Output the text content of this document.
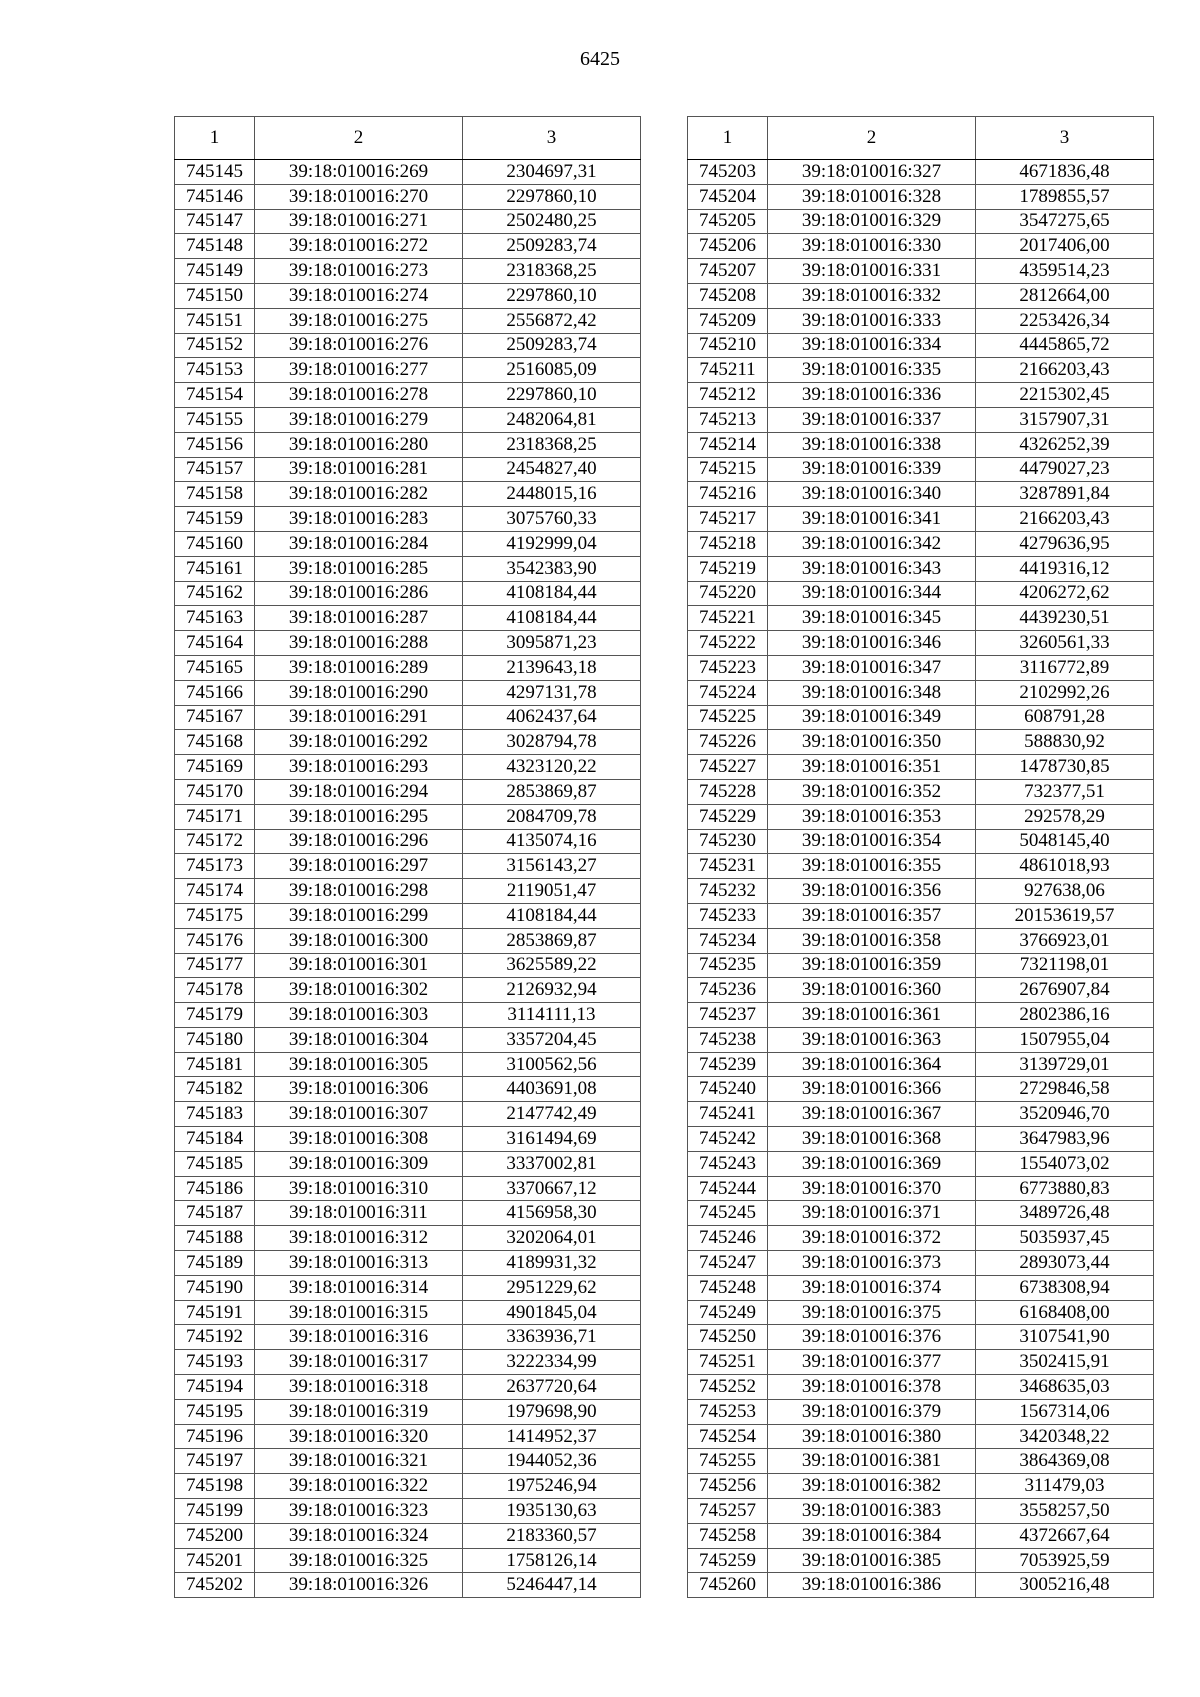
6425
1	2	3
745145	39:18:010016:269	2304697,31
745146	39:18:010016:270	2297860,10
745147	39:18:010016:271	2502480,25
745148	39:18:010016:272	2509283,74
745149	39:18:010016:273	2318368,25
745150	39:18:010016:274	2297860,10
745151	39:18:010016:275	2556872,42
745152	39:18:010016:276	2509283,74
745153	39:18:010016:277	2516085,09
745154	39:18:010016:278	2297860,10
745155	39:18:010016:279	2482064,81
745156	39:18:010016:280	2318368,25
745157	39:18:010016:281	2454827,40
745158	39:18:010016:282	2448015,16
745159	39:18:010016:283	3075760,33
745160	39:18:010016:284	4192999,04
745161	39:18:010016:285	3542383,90
745162	39:18:010016:286	4108184,44
745163	39:18:010016:287	4108184,44
745164	39:18:010016:288	3095871,23
745165	39:18:010016:289	2139643,18
745166	39:18:010016:290	4297131,78
745167	39:18:010016:291	4062437,64
745168	39:18:010016:292	3028794,78
745169	39:18:010016:293	4323120,22
745170	39:18:010016:294	2853869,87
745171	39:18:010016:295	2084709,78
745172	39:18:010016:296	4135074,16
745173	39:18:010016:297	3156143,27
745174	39:18:010016:298	2119051,47
745175	39:18:010016:299	4108184,44
745176	39:18:010016:300	2853869,87
745177	39:18:010016:301	3625589,22
745178	39:18:010016:302	2126932,94
745179	39:18:010016:303	3114111,13
745180	39:18:010016:304	3357204,45
745181	39:18:010016:305	3100562,56
745182	39:18:010016:306	4403691,08
745183	39:18:010016:307	2147742,49
745184	39:18:010016:308	3161494,69
745185	39:18:010016:309	3337002,81
745186	39:18:010016:310	3370667,12
745187	39:18:010016:311	4156958,30
745188	39:18:010016:312	3202064,01
745189	39:18:010016:313	4189931,32
745190	39:18:010016:314	2951229,62
745191	39:18:010016:315	4901845,04
745192	39:18:010016:316	3363936,71
745193	39:18:010016:317	3222334,99
745194	39:18:010016:318	2637720,64
745195	39:18:010016:319	1979698,90
745196	39:18:010016:320	1414952,37
745197	39:18:010016:321	1944052,36
745198	39:18:010016:322	1975246,94
745199	39:18:010016:323	1935130,63
745200	39:18:010016:324	2183360,57
745201	39:18:010016:325	1758126,14
745202	39:18:010016:326	5246447,14
1	2	3
745203	39:18:010016:327	4671836,48
745204	39:18:010016:328	1789855,57
745205	39:18:010016:329	3547275,65
745206	39:18:010016:330	2017406,00
745207	39:18:010016:331	4359514,23
745208	39:18:010016:332	2812664,00
745209	39:18:010016:333	2253426,34
745210	39:18:010016:334	4445865,72
745211	39:18:010016:335	2166203,43
745212	39:18:010016:336	2215302,45
745213	39:18:010016:337	3157907,31
745214	39:18:010016:338	4326252,39
745215	39:18:010016:339	4479027,23
745216	39:18:010016:340	3287891,84
745217	39:18:010016:341	2166203,43
745218	39:18:010016:342	4279636,95
745219	39:18:010016:343	4419316,12
745220	39:18:010016:344	4206272,62
745221	39:18:010016:345	4439230,51
745222	39:18:010016:346	3260561,33
745223	39:18:010016:347	3116772,89
745224	39:18:010016:348	2102992,26
745225	39:18:010016:349	608791,28
745226	39:18:010016:350	588830,92
745227	39:18:010016:351	1478730,85
745228	39:18:010016:352	732377,51
745229	39:18:010016:353	292578,29
745230	39:18:010016:354	5048145,40
745231	39:18:010016:355	4861018,93
745232	39:18:010016:356	927638,06
745233	39:18:010016:357	20153619,57
745234	39:18:010016:358	3766923,01
745235	39:18:010016:359	7321198,01
745236	39:18:010016:360	2676907,84
745237	39:18:010016:361	2802386,16
745238	39:18:010016:363	1507955,04
745239	39:18:010016:364	3139729,01
745240	39:18:010016:366	2729846,58
745241	39:18:010016:367	3520946,70
745242	39:18:010016:368	3647983,96
745243	39:18:010016:369	1554073,02
745244	39:18:010016:370	6773880,83
745245	39:18:010016:371	3489726,48
745246	39:18:010016:372	5035937,45
745247	39:18:010016:373	2893073,44
745248	39:18:010016:374	6738308,94
745249	39:18:010016:375	6168408,00
745250	39:18:010016:376	3107541,90
745251	39:18:010016:377	3502415,91
745252	39:18:010016:378	3468635,03
745253	39:18:010016:379	1567314,06
745254	39:18:010016:380	3420348,22
745255	39:18:010016:381	3864369,08
745256	39:18:010016:382	311479,03
745257	39:18:010016:383	3558257,50
745258	39:18:010016:384	4372667,64
745259	39:18:010016:385	7053925,59
745260	39:18:010016:386	3005216,48
